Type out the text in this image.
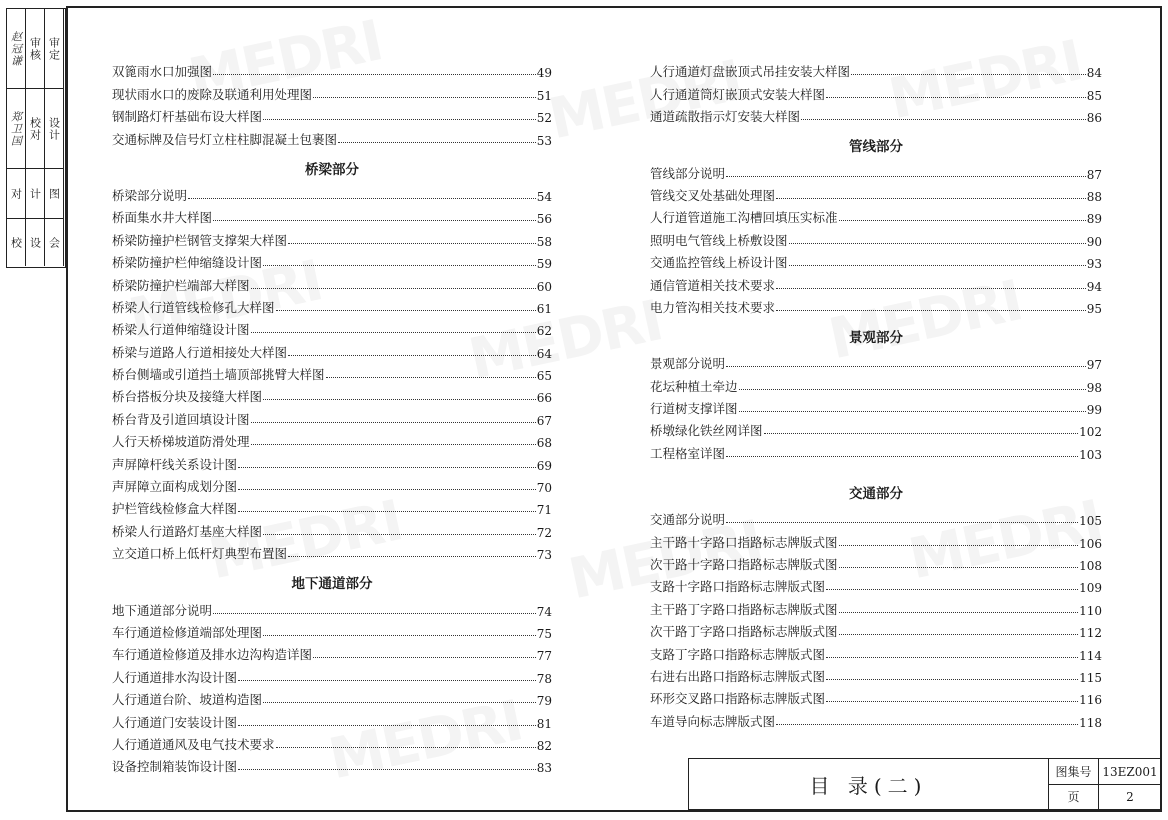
赵冠谦 审核 审定
郑卫国 校对 设计
对 计 图
校 设 会
双篦雨水口加强图	49
现状雨水口的废除及联通利用处理图	51
钢制路灯杆基础布设大样图	52
交通标牌及信号灯立柱柱脚混凝土包裹图	53
桥梁部分
桥梁部分说明	54
桥面集水井大样图	56
桥梁防撞护栏钢管支撑架大样图	58
桥梁防撞护栏伸缩缝设计图	59
桥梁防撞护栏端部大样图	60
桥梁人行道管线检修孔大样图	61
桥梁人行道伸缩缝设计图	62
桥梁与道路人行道相接处大样图	64
桥台侧墙或引道挡土墙顶部挑臂大样图	65
桥台搭板分块及接缝大样图	66
桥台背及引道回填设计图	67
人行天桥梯坡道防滑处理	68
声屏障杆线关系设计图	69
声屏障立面构成划分图	70
护栏管线检修盒大样图	71
桥梁人行道路灯基座大样图	72
立交道口桥上低杆灯典型布置图	73
地下通道部分
地下通道部分说明	74
车行通道检修道端部处理图	75
车行通道检修道及排水边沟构造详图	77
人行通道排水沟设计图	78
人行通道台阶、坡道构造图	79
人行通道门安装设计图	81
人行通道通风及电气技术要求	82
设备控制箱装饰设计图	83
人行通道灯盘嵌顶式吊挂安装大样图	84
人行通道筒灯嵌顶式安装大样图	85
通道疏散指示灯安装大样图	86
管线部分
管线部分说明	87
管线交叉处基础处理图	88
人行道管道施工沟槽回填压实标准	89
照明电气管线上桥敷设图	90
交通监控管线上桥设计图	93
通信管道相关技术要求	94
电力管沟相关技术要求	95
景观部分
景观部分说明	97
花坛种植土牵边	98
行道树支撑详图	99
桥墩绿化铁丝网详图	102
工程格室详图	103
交通部分
交通部分说明	105
主干路十字路口指路标志牌版式图	106
次干路十字路口指路标志牌版式图	108
支路十字路口指路标志牌版式图	109
主干路丁字路口指路标志牌版式图	110
次干路丁字路口指路标志牌版式图	112
支路丁字路口指路标志牌版式图	114
右进右出路口指路标志牌版式图	115
环形交叉路口指路标志牌版式图	116
车道导向标志牌版式图	118
目 录(二)
图集号 13EZ001
页	2
